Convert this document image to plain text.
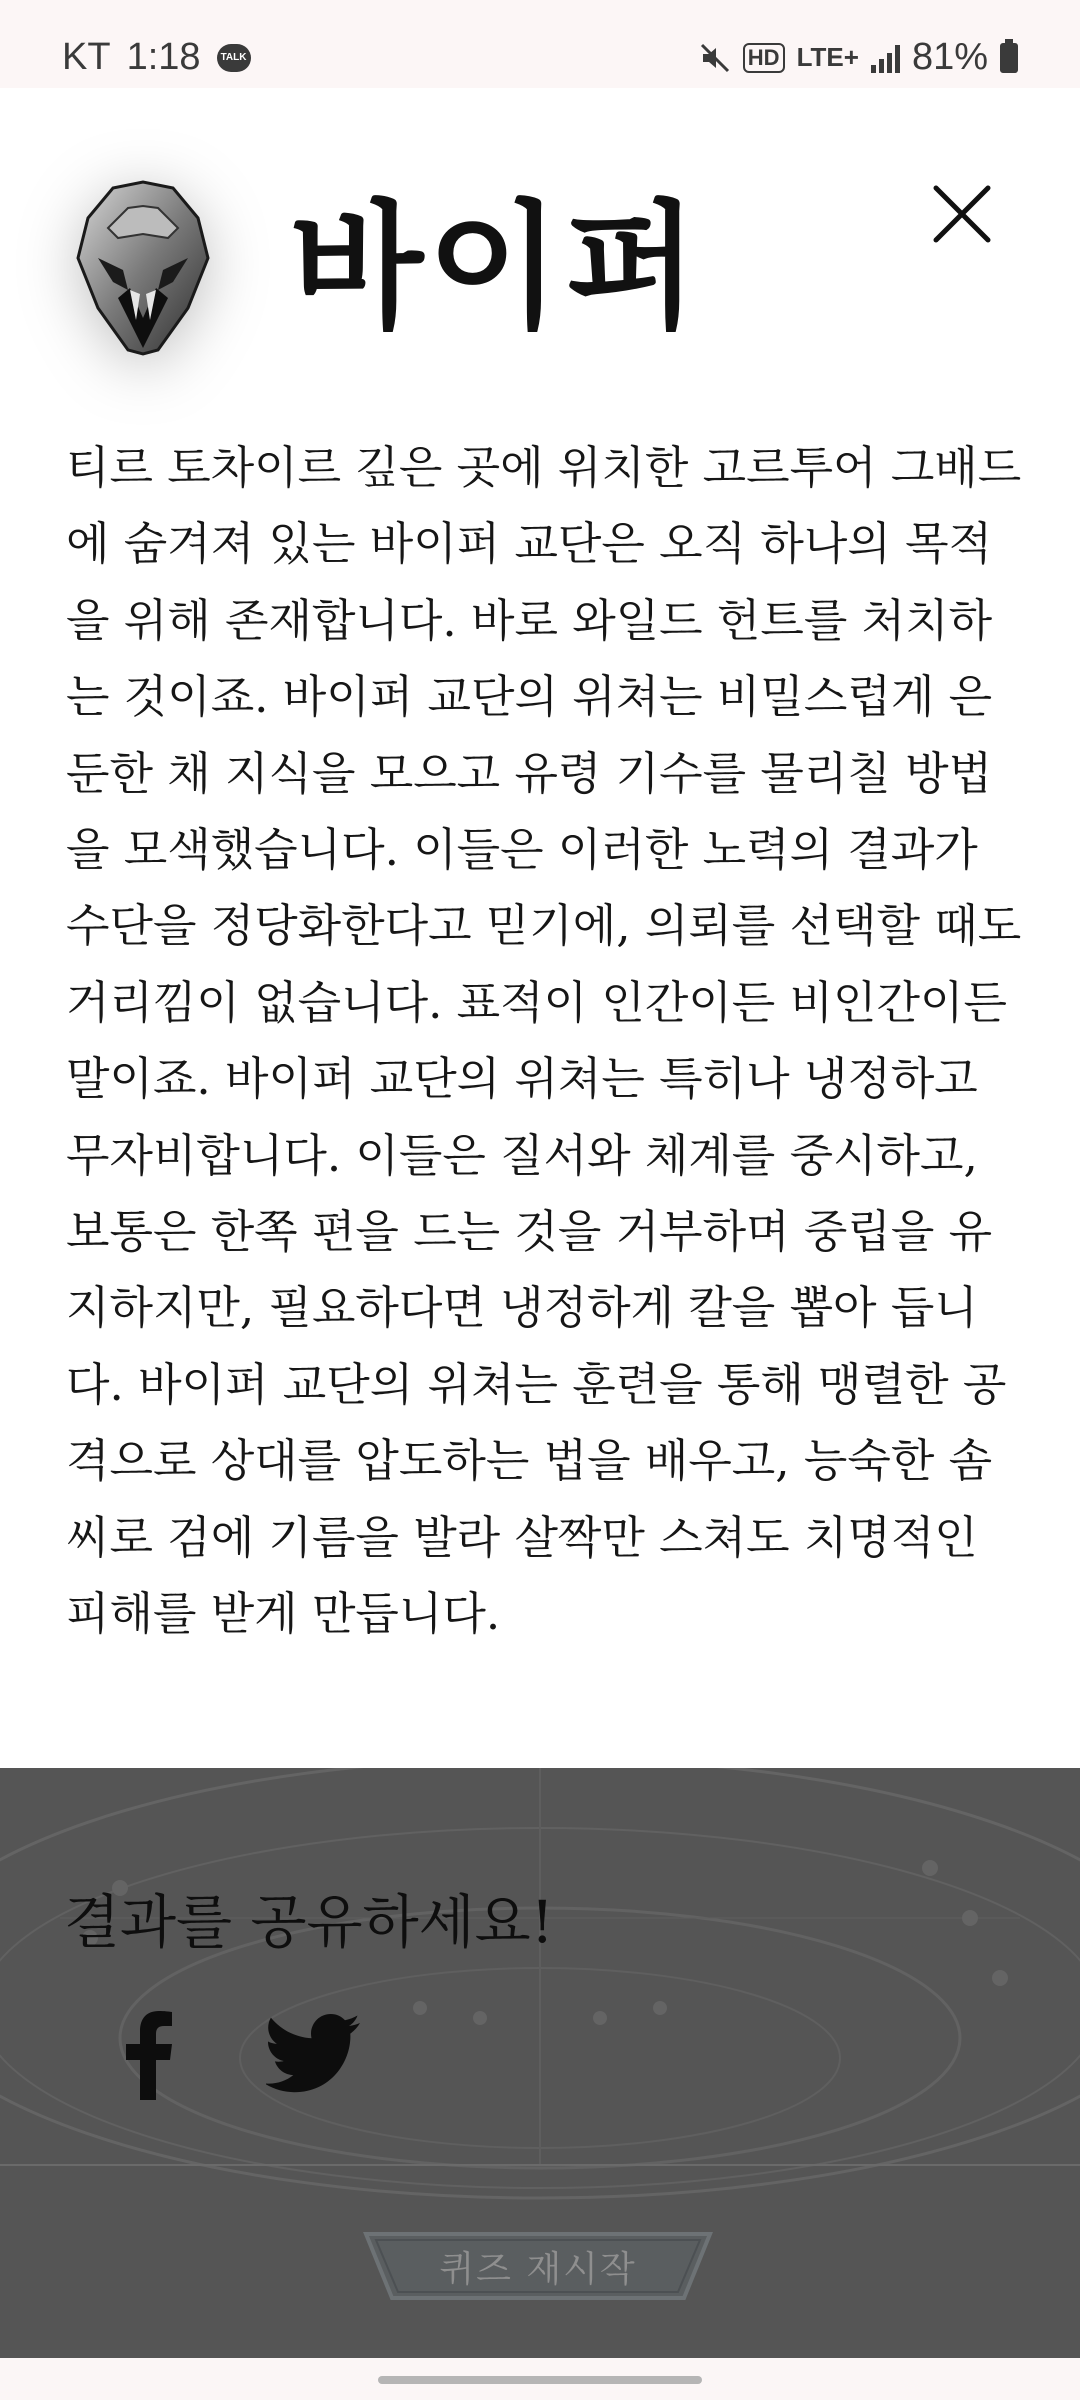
KT 1:18	TALK	HD LTE+ 81%
바이퍼

티르 토차이르 깊은 곳에 위치한 고르투어 그배드에 숨겨져 있는 바이퍼 교단은 오직 하나의 목적을 위해 존재합니다. 바로 와일드 헌트를 처치하는 것이죠. 바이퍼 교단의 위쳐는 비밀스럽게 은둔한 채 지식을 모으고 유령 기수를 물리칠 방법을 모색했습니다. 이들은 이러한 노력의 결과가 수단을 정당화한다고 믿기에, 의뢰를 선택할 때도 거리낌이 없습니다. 표적이 인간이든 비인간이든 말이죠. 바이퍼 교단의 위쳐는 특히나 냉정하고 무자비합니다. 이들은 질서와 체계를 중시하고, 보통은 한쪽 편을 드는 것을 거부하며 중립을 유지하지만, 필요하다면 냉정하게 칼을 뽑아 듭니다. 바이퍼 교단의 위쳐는 훈련을 통해 맹렬한 공격으로 상대를 압도하는 법을 배우고, 능숙한 솜씨로 검에 기름을 발라 살짝만 스쳐도 치명적인 피해를 받게 만듭니다.

결과를 공유하세요!
퀴즈 재시작
